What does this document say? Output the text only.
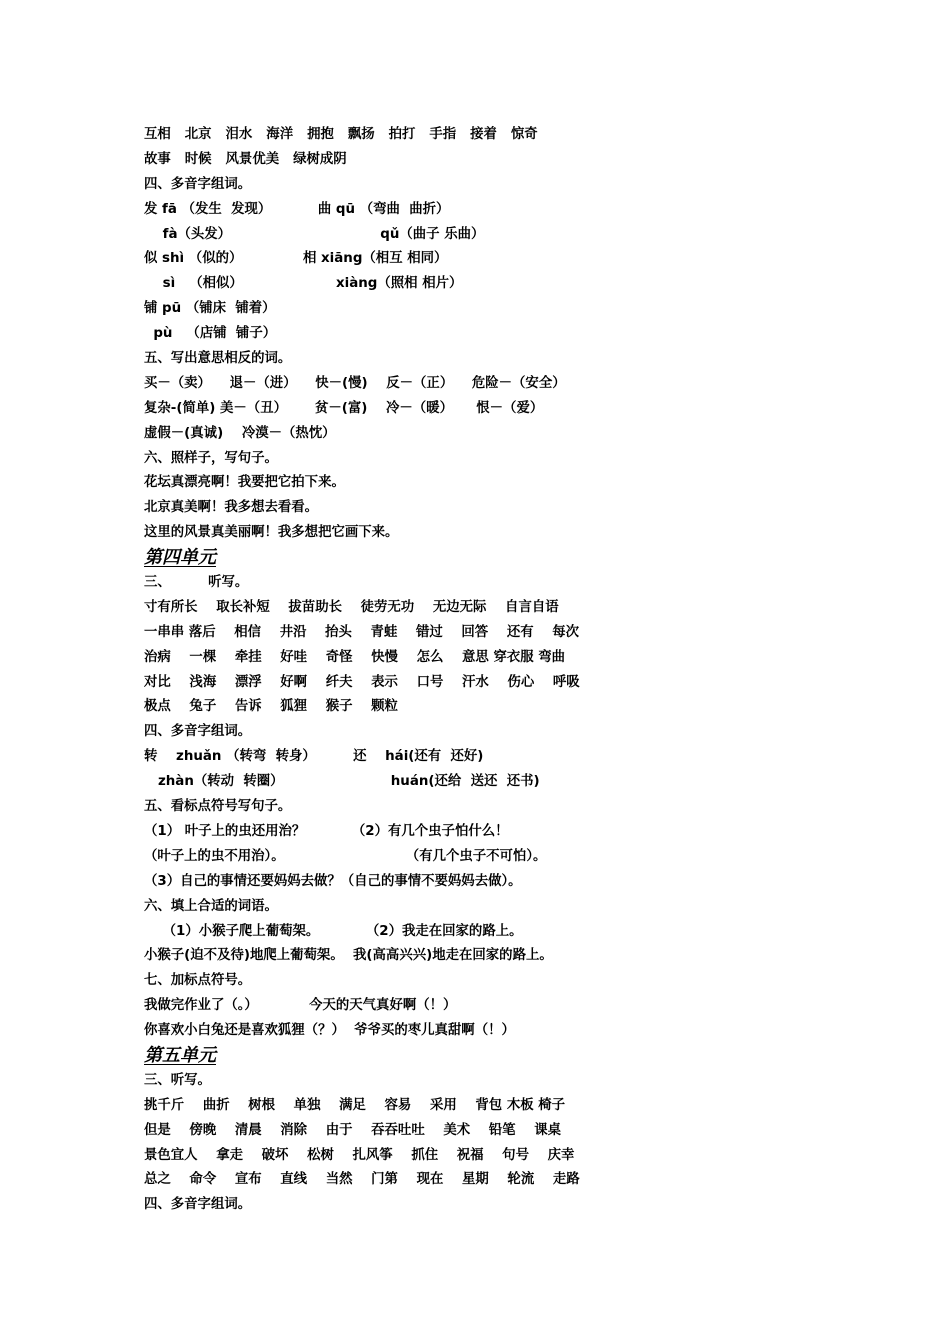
互相   北京   泪水   海洋   拥抱   飘扬   拍打   手指   接着   惊奇
故事   时候   风景优美   绿树成阴
四、多音字组词。
发 fā （发生  发现）          曲 qū （弯曲  曲折）
fà（头发）                                qǔ（曲子 乐曲）
似 shì （似的）             相 xiāng（相互 相同）
sì   （相似）                    xiàng（照相 相片）
铺 pū （铺床  铺着）
pù   （店铺  铺子）
五、写出意思相反的词。
买－（卖）    退－（进）    快－(慢)    反－（正）    危险－（安全）
复杂-(简单) 美－（丑）      贫－(富)    冷－（暖）     恨－（爱）
虚假－(真诚)    冷漠－（热忱）
六、照样子，写句子。
花坛真漂亮啊！我要把它拍下来。
北京真美啊！我多想去看看。
这里的风景真美丽啊！我多想把它画下来。
第四单元
三、        听写。
寸有所长    取长补短    拔苗助长    徒劳无功    无边无际    自言自语
一串串 落后    相信    井沿    抬头    青蛙    错过    回答    还有    每次
治病    一棵    牵挂    好哇    奇怪    快慢    怎么    意思 穿衣服 弯曲
对比    浅海    漂浮    好啊    纤夫    表示    口号    汗水    伤心    呼吸
极点    兔子    告诉    狐狸    猴子    颗粒
四、多音字组词。
转    zhuǎn （转弯  转身）        还    hái(还有  还好)
zhàn（转动  转圈）                       huán(还给  送还  还书)
五、看标点符号写句子。
（1） 叶子上的虫还用治？          （2）有几个虫子怕什么！
（叶子上的虫不用治）。                          （有几个虫子不可怕）。
（3）自己的事情还要妈妈去做？（自己的事情不要妈妈去做）。
六、填上合适的词语。
（1）小猴子爬上葡萄架。          （2）我走在回家的路上。
小猴子(迫不及待)地爬上葡萄架。  我(高高兴兴)地走在回家的路上。
七、加标点符号。
我做完作业了（。）           今天的天气真好啊（！）
你喜欢小白兔还是喜欢狐狸（？）  爷爷买的枣儿真甜啊（！）
第五单元
三、听写。
挑千斤    曲折    树根    单独    满足    容易    采用    背包 木板 椅子
但是    傍晚    清晨    消除    由于    吞吞吐吐    美术    铅笔    课桌
景色宜人    拿走    破坏    松树    扎风筝    抓住    祝福    句号    庆幸
总之    命令    宣布    直线    当然    门第    现在    星期    轮流    走路
四、多音字组词。
